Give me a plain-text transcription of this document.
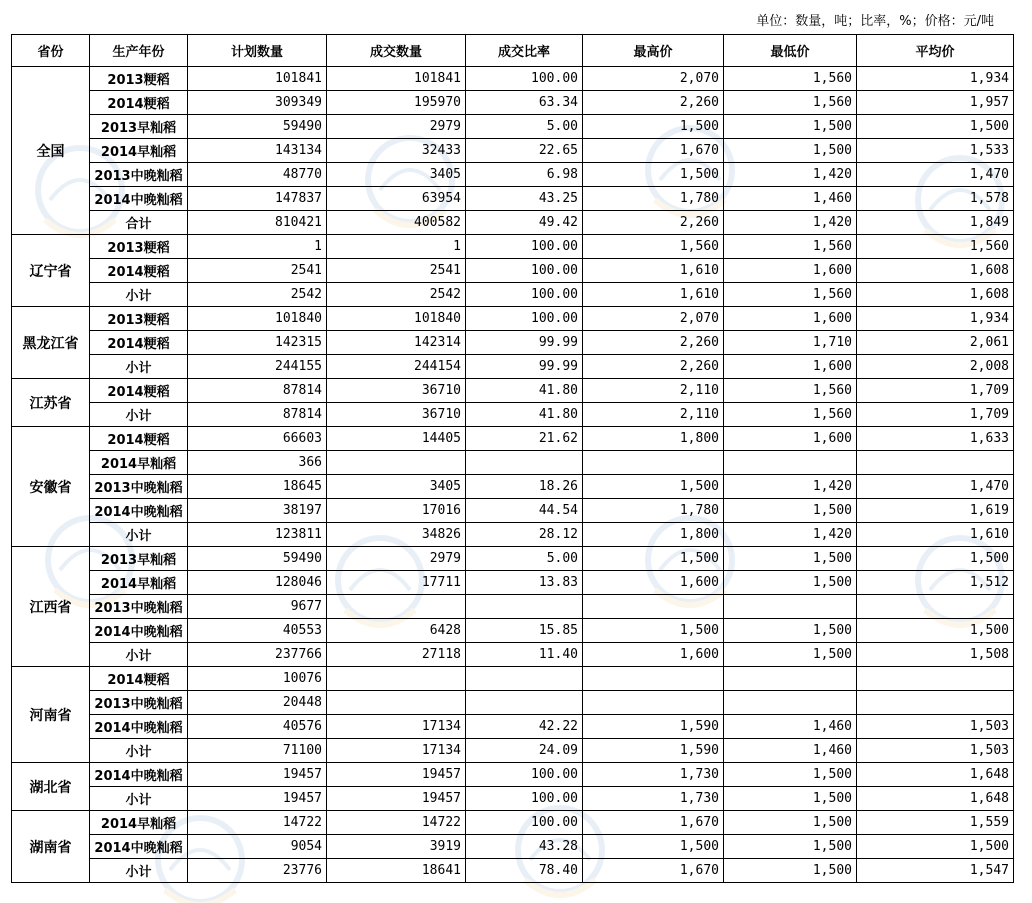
单位：数量，吨；比率，%；价格：元/吨
省份	生产年份	计划数量	成交数量	成交比率	最高价	最低价	平均价
全国	2013粳稻	101841	101841	100.00	2,070	1,560	1,934
	2014粳稻	309349	195970	63.34	2,260	1,560	1,957
	2013早籼稻	59490	2979	5.00	1,500	1,500	1,500
	2014早籼稻	143134	32433	22.65	1,670	1,500	1,533
	2013中晚籼稻	48770	3405	6.98	1,500	1,420	1,470
	2014中晚籼稻	147837	63954	43.25	1,780	1,460	1,578
	合计	810421	400582	49.42	2,260	1,420	1,849
辽宁省	2013粳稻	1	1	100.00	1,560	1,560	1,560
	2014粳稻	2541	2541	100.00	1,610	1,600	1,608
	小计	2542	2542	100.00	1,610	1,560	1,608
黑龙江省	2013粳稻	101840	101840	100.00	2,070	1,600	1,934
	2014粳稻	142315	142314	99.99	2,260	1,710	2,061
	小计	244155	244154	99.99	2,260	1,600	2,008
江苏省	2014粳稻	87814	36710	41.80	2,110	1,560	1,709
	小计	87814	36710	41.80	2,110	1,560	1,709
安徽省	2014粳稻	66603	14405	21.62	1,800	1,600	1,633
	2014早籼稻	366					
	2013中晚籼稻	18645	3405	18.26	1,500	1,420	1,470
	2014中晚籼稻	38197	17016	44.54	1,780	1,500	1,619
	小计	123811	34826	28.12	1,800	1,420	1,610
江西省	2013早籼稻	59490	2979	5.00	1,500	1,500	1,500
	2014早籼稻	128046	17711	13.83	1,600	1,500	1,512
	2013中晚籼稻	9677					
	2014中晚籼稻	40553	6428	15.85	1,500	1,500	1,500
	小计	237766	27118	11.40	1,600	1,500	1,508
河南省	2014粳稻	10076					
	2013中晚籼稻	20448					
	2014中晚籼稻	40576	17134	42.22	1,590	1,460	1,503
	小计	71100	17134	24.09	1,590	1,460	1,503
湖北省	2014中晚籼稻	19457	19457	100.00	1,730	1,500	1,648
	小计	19457	19457	100.00	1,730	1,500	1,648
湖南省	2014早籼稻	14722	14722	100.00	1,670	1,500	1,559
	2014中晚籼稻	9054	3919	43.28	1,500	1,500	1,500
	小计	23776	18641	78.40	1,670	1,500	1,547
